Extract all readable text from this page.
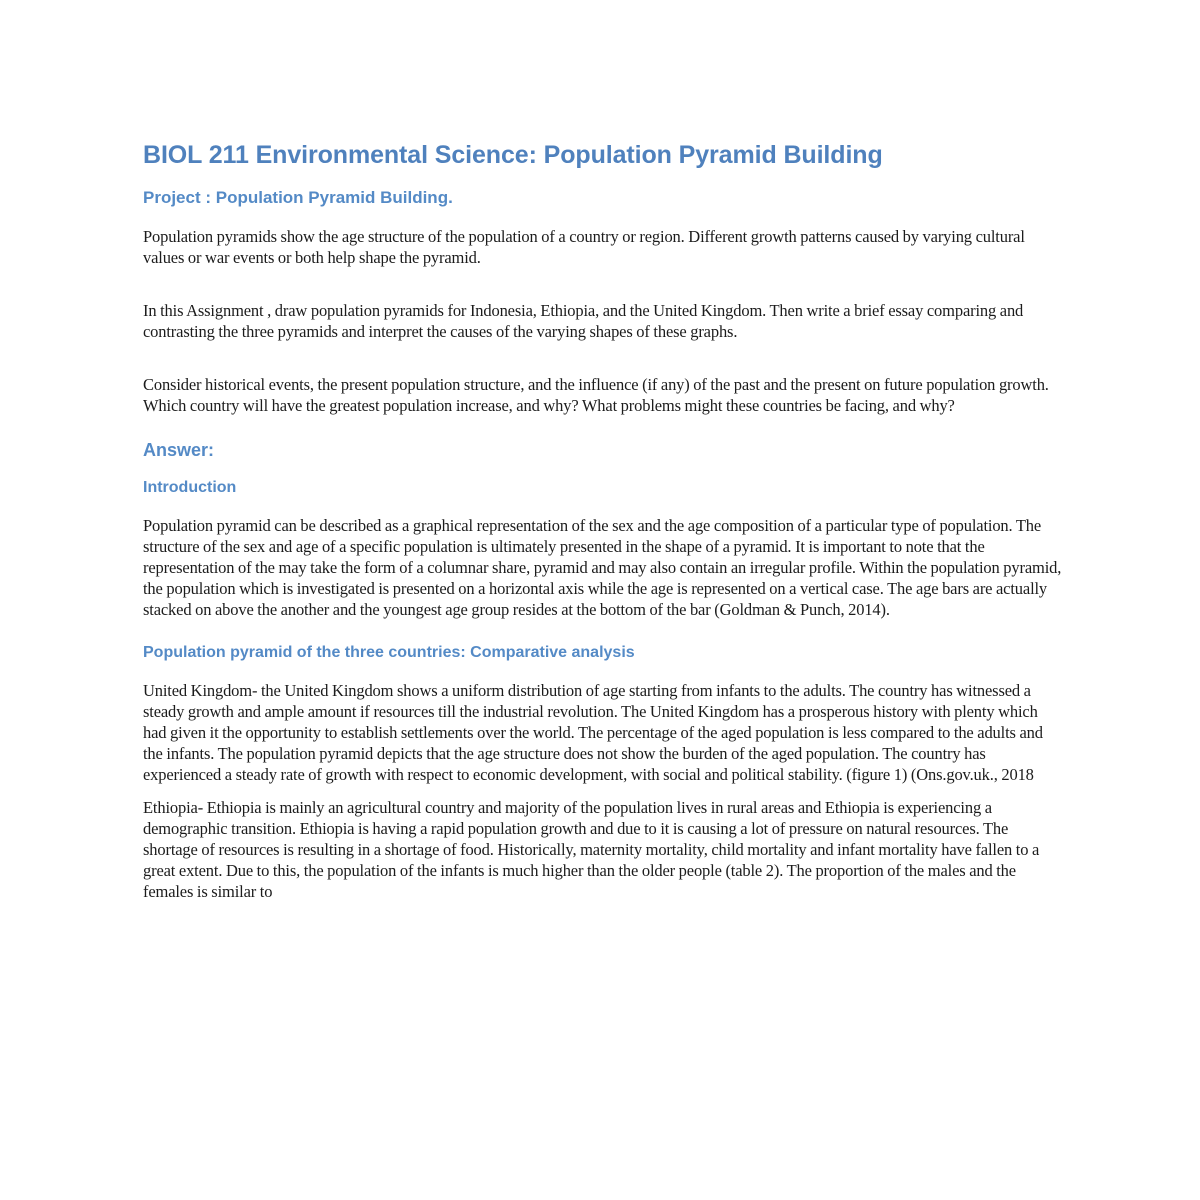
BIOL 211 Environmental Science: Population Pyramid Building
Project : Population Pyramid Building.

Population pyramids show the age structure of the population of a country or region. Different growth patterns caused by varying cultural values or war events or both help shape the pyramid.

In this Assignment , draw population pyramids for Indonesia, Ethiopia, and the United Kingdom. Then write a brief essay comparing and contrasting the three pyramids and interpret the causes of the varying shapes of these graphs.

Consider historical events, the present population structure, and the influence (if any) of the past and the present on future population growth. Which country will have the greatest population increase, and why? What problems might these countries be facing, and why?

Answer:
Introduction

Population pyramid can be described as a graphical representation of the sex and the age composition of a particular type of population. The structure of the sex and age of a specific population is ultimately presented in the shape of a pyramid. It is important to note that the representation of the may take the form of a columnar share, pyramid and may also contain an irregular profile. Within the population pyramid, the population which is investigated is presented on a horizontal axis while the age is represented on a vertical case. The age bars are actually stacked on above the another and the youngest age group resides at the bottom of the bar (Goldman & Punch, 2014).

Population pyramid of the three countries: Comparative analysis

United Kingdom- the United Kingdom shows a uniform distribution of age starting from infants to the adults. The country has witnessed a steady growth and ample amount if resources till the industrial revolution. The United Kingdom has a prosperous history with plenty which had given it the opportunity to establish settlements over the world. The percentage of the aged population is less compared to the adults and the infants. The population pyramid depicts that the age structure does not show the burden of the aged population. The country has experienced a steady rate of growth with respect to economic development, with social and political stability. (figure 1) (Ons.gov.uk., 2018

Ethiopia- Ethiopia is mainly an agricultural country and majority of the population lives in rural areas and Ethiopia is experiencing a demographic transition. Ethiopia is having a rapid population growth and due to it is causing a lot of pressure on natural resources. The shortage of resources is resulting in a shortage of food. Historically, maternity mortality, child mortality and infant mortality have fallen to a great extent. Due to this, the population of the infants is much higher than the older people (table 2). The proportion of the males and the females is similar to
